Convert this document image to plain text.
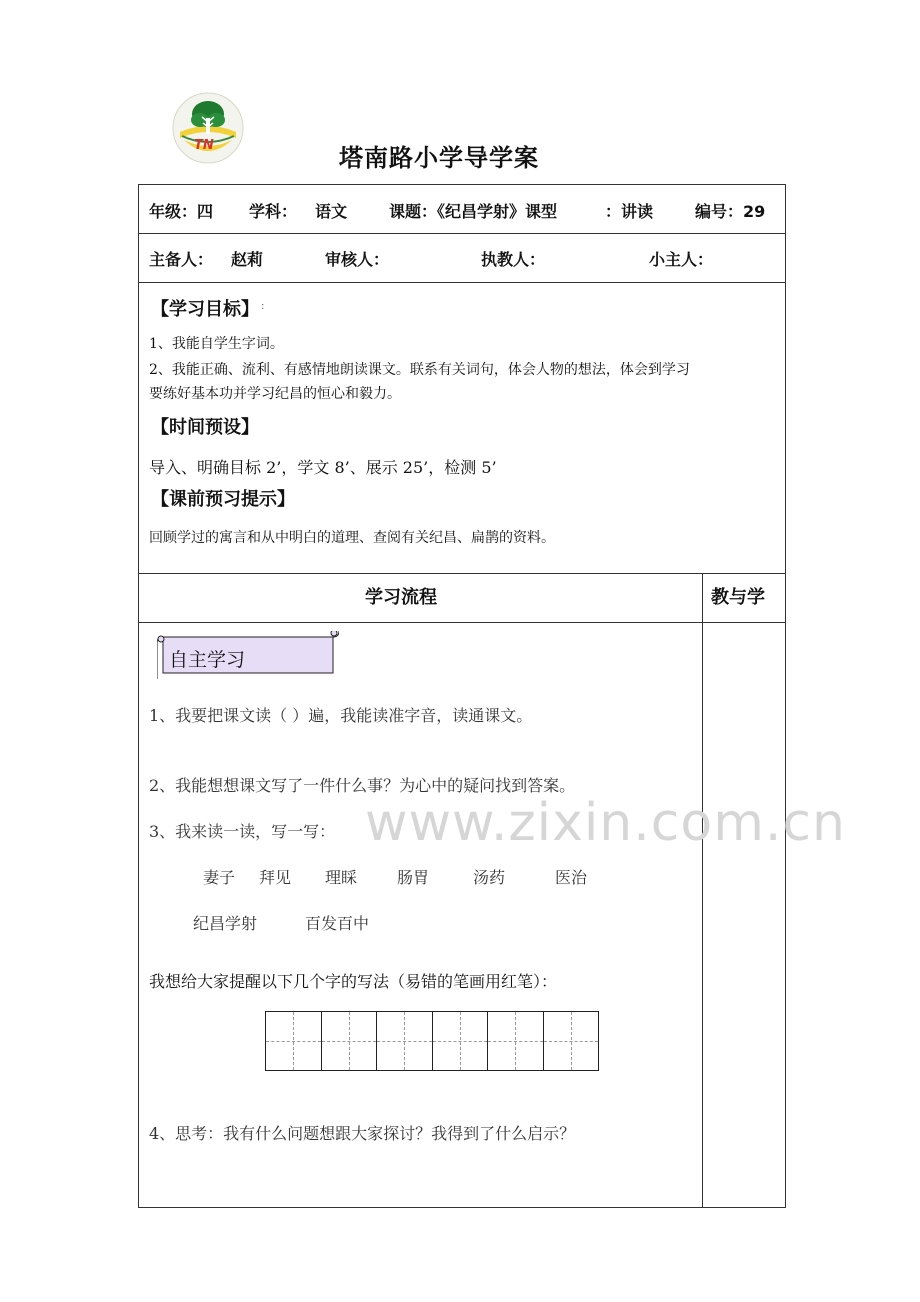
TN	塔南路小学导学案
年级：四 学科： 语文	课题：《纪昌学射》课型	：讲读	编号：29
主备人： 赵莉	审核人：	执教人：	小主人：
【学习目标】 :
1、我能自学生字词。
2、我能正确、流利、有感情地朗读课文。联系有关词句，体会人物的想法，体会到学习
要练好基本功并学习纪昌的恒心和毅力。
【时间预设】
导入、明确目标 2’，学文 8’、展示 25’，检测 5’
【课前预习提示】
回顾学过的寓言和从中明白的道理、查阅有关纪昌、扁鹊的资料。
学习流程	教与学
自主学习
www.zixin.com.cn
1、我要把课文读（ ）遍，我能读准字音，读通课文。
2、我能想想课文写了一件什么事？为心中的疑问找到答案。
3、我来读一读，写一写：
妻子 拜见 理睬 肠胃	汤药	医治
纪昌学射	百发百中
我想给大家提醒以下几个字的写法（易错的笔画用红笔）：
4、思考：我有什么问题想跟大家探讨？我得到了什么启示？
